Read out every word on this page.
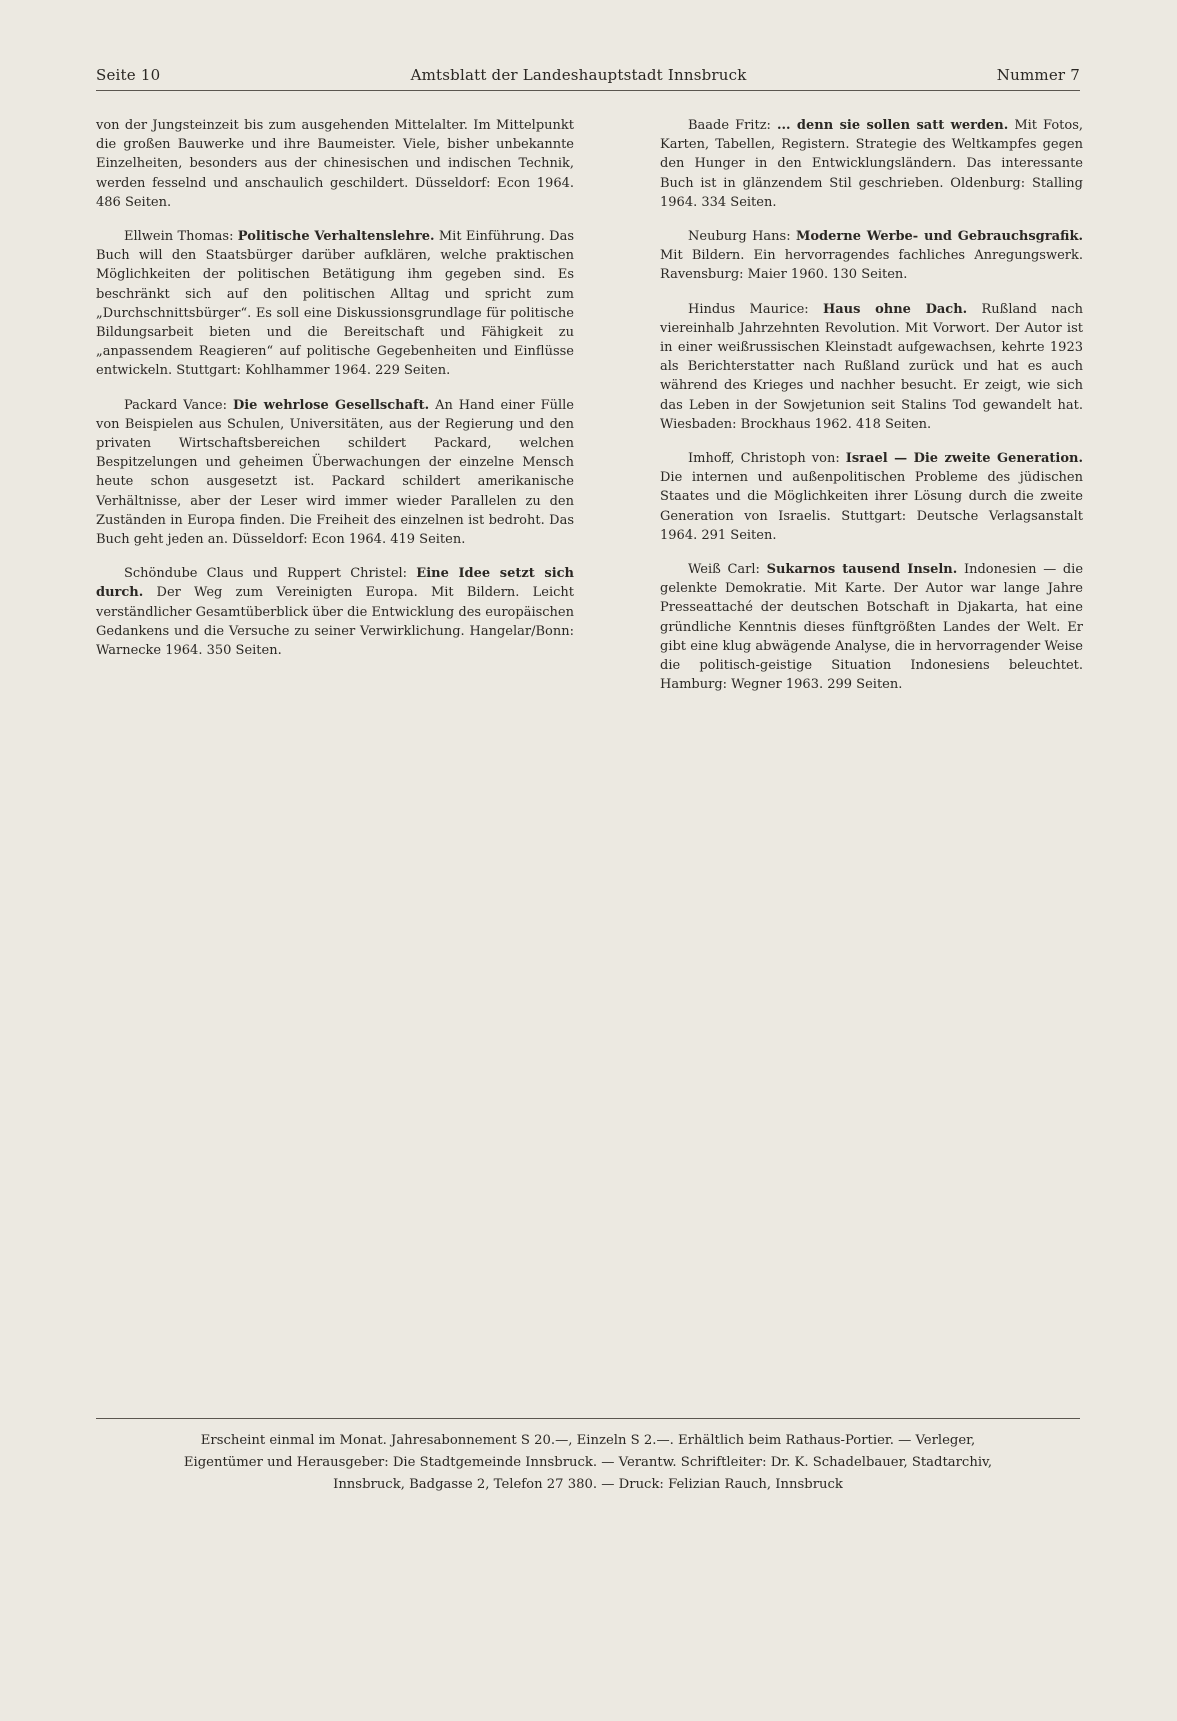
Seite 10	Amtsblatt der Landeshauptstadt Innsbruck	Nummer 7

von der Jungsteinzeit bis zum ausgehenden Mittelalter. Im Mittelpunkt die großen Bauwerke und ihre Baumeister. Viele, bisher unbekannte Einzelheiten, besonders aus der chinesischen und indischen Technik, werden fesselnd und anschaulich geschildert. Düsseldorf: Econ 1964. 486 Seiten.

Ellwein Thomas: Politische Verhaltenslehre. Mit Einführung. Das Buch will den Staatsbürger darüber aufklären, welche praktischen Möglichkeiten der politischen Betätigung ihm gegeben sind. Es beschränkt sich auf den politischen Alltag und spricht zum „Durchschnittsbürger“. Es soll eine Diskussionsgrundlage für politische Bildungsarbeit bieten und die Bereitschaft und Fähigkeit zu „anpassendem Reagieren“ auf politische Gegebenheiten und Einflüsse entwickeln. Stuttgart: Kohlhammer 1964. 229 Seiten.

Packard Vance: Die wehrlose Gesellschaft. An Hand einer Fülle von Beispielen aus Schulen, Universitäten, aus der Regierung und den privaten Wirtschaftsbereichen schildert Packard, welchen Bespitzelungen und geheimen Überwachungen der einzelne Mensch heute schon ausgesetzt ist. Packard schildert amerikanische Verhältnisse, aber der Leser wird immer wieder Parallelen zu den Zuständen in Europa finden. Die Freiheit des einzelnen ist bedroht. Das Buch geht jeden an. Düsseldorf: Econ 1964. 419 Seiten.

Schöndube Claus und Ruppert Christel: Eine Idee setzt sich durch. Der Weg zum Vereinigten Europa. Mit Bildern. Leicht verständlicher Gesamtüberblick über die Entwicklung des europäischen Gedankens und die Versuche zu seiner Verwirklichung. Hangelar/Bonn: Warnecke 1964. 350 Seiten.

Baade Fritz: ... denn sie sollen satt werden. Mit Fotos, Karten, Tabellen, Registern. Strategie des Weltkampfes gegen den Hunger in den Entwicklungsländern. Das interessante Buch ist in glänzendem Stil geschrieben. Oldenburg: Stalling 1964. 334 Seiten.

Neuburg Hans: Moderne Werbe- und Gebrauchsgrafik. Mit Bildern. Ein hervorragendes fachliches Anregungswerk. Ravensburg: Maier 1960. 130 Seiten.

Hindus Maurice: Haus ohne Dach. Rußland nach viereinhalb Jahrzehnten Revolution. Mit Vorwort. Der Autor ist in einer weißrussischen Kleinstadt aufgewachsen, kehrte 1923 als Berichterstatter nach Rußland zurück und hat es auch während des Krieges und nachher besucht. Er zeigt, wie sich das Leben in der Sowjetunion seit Stalins Tod gewandelt hat. Wiesbaden: Brockhaus 1962. 418 Seiten.

Imhoff, Christoph von: Israel — Die zweite Generation. Die internen und außenpolitischen Probleme des jüdischen Staates und die Möglichkeiten ihrer Lösung durch die zweite Generation von Israelis. Stuttgart: Deutsche Verlagsanstalt 1964. 291 Seiten.

Weiß Carl: Sukarnos tausend Inseln. Indonesien — die gelenkte Demokratie. Mit Karte. Der Autor war lange Jahre Presseattaché der deutschen Botschaft in Djakarta, hat eine gründliche Kenntnis dieses fünftgrößten Landes der Welt. Er gibt eine klug abwägende Analyse, die in hervorragender Weise die politisch-geistige Situation Indonesiens beleuchtet. Hamburg: Wegner 1963. 299 Seiten.

Erscheint einmal im Monat. Jahresabonnement S 20.—, Einzeln S 2.—. Erhältlich beim Rathaus-Portier. — Verleger,
Eigentümer und Herausgeber: Die Stadtgemeinde Innsbruck. — Verantw. Schriftleiter: Dr. K. Schadelbauer, Stadtarchiv,
Innsbruck, Badgasse 2, Telefon 27 380. — Druck: Felizian Rauch, Innsbruck
